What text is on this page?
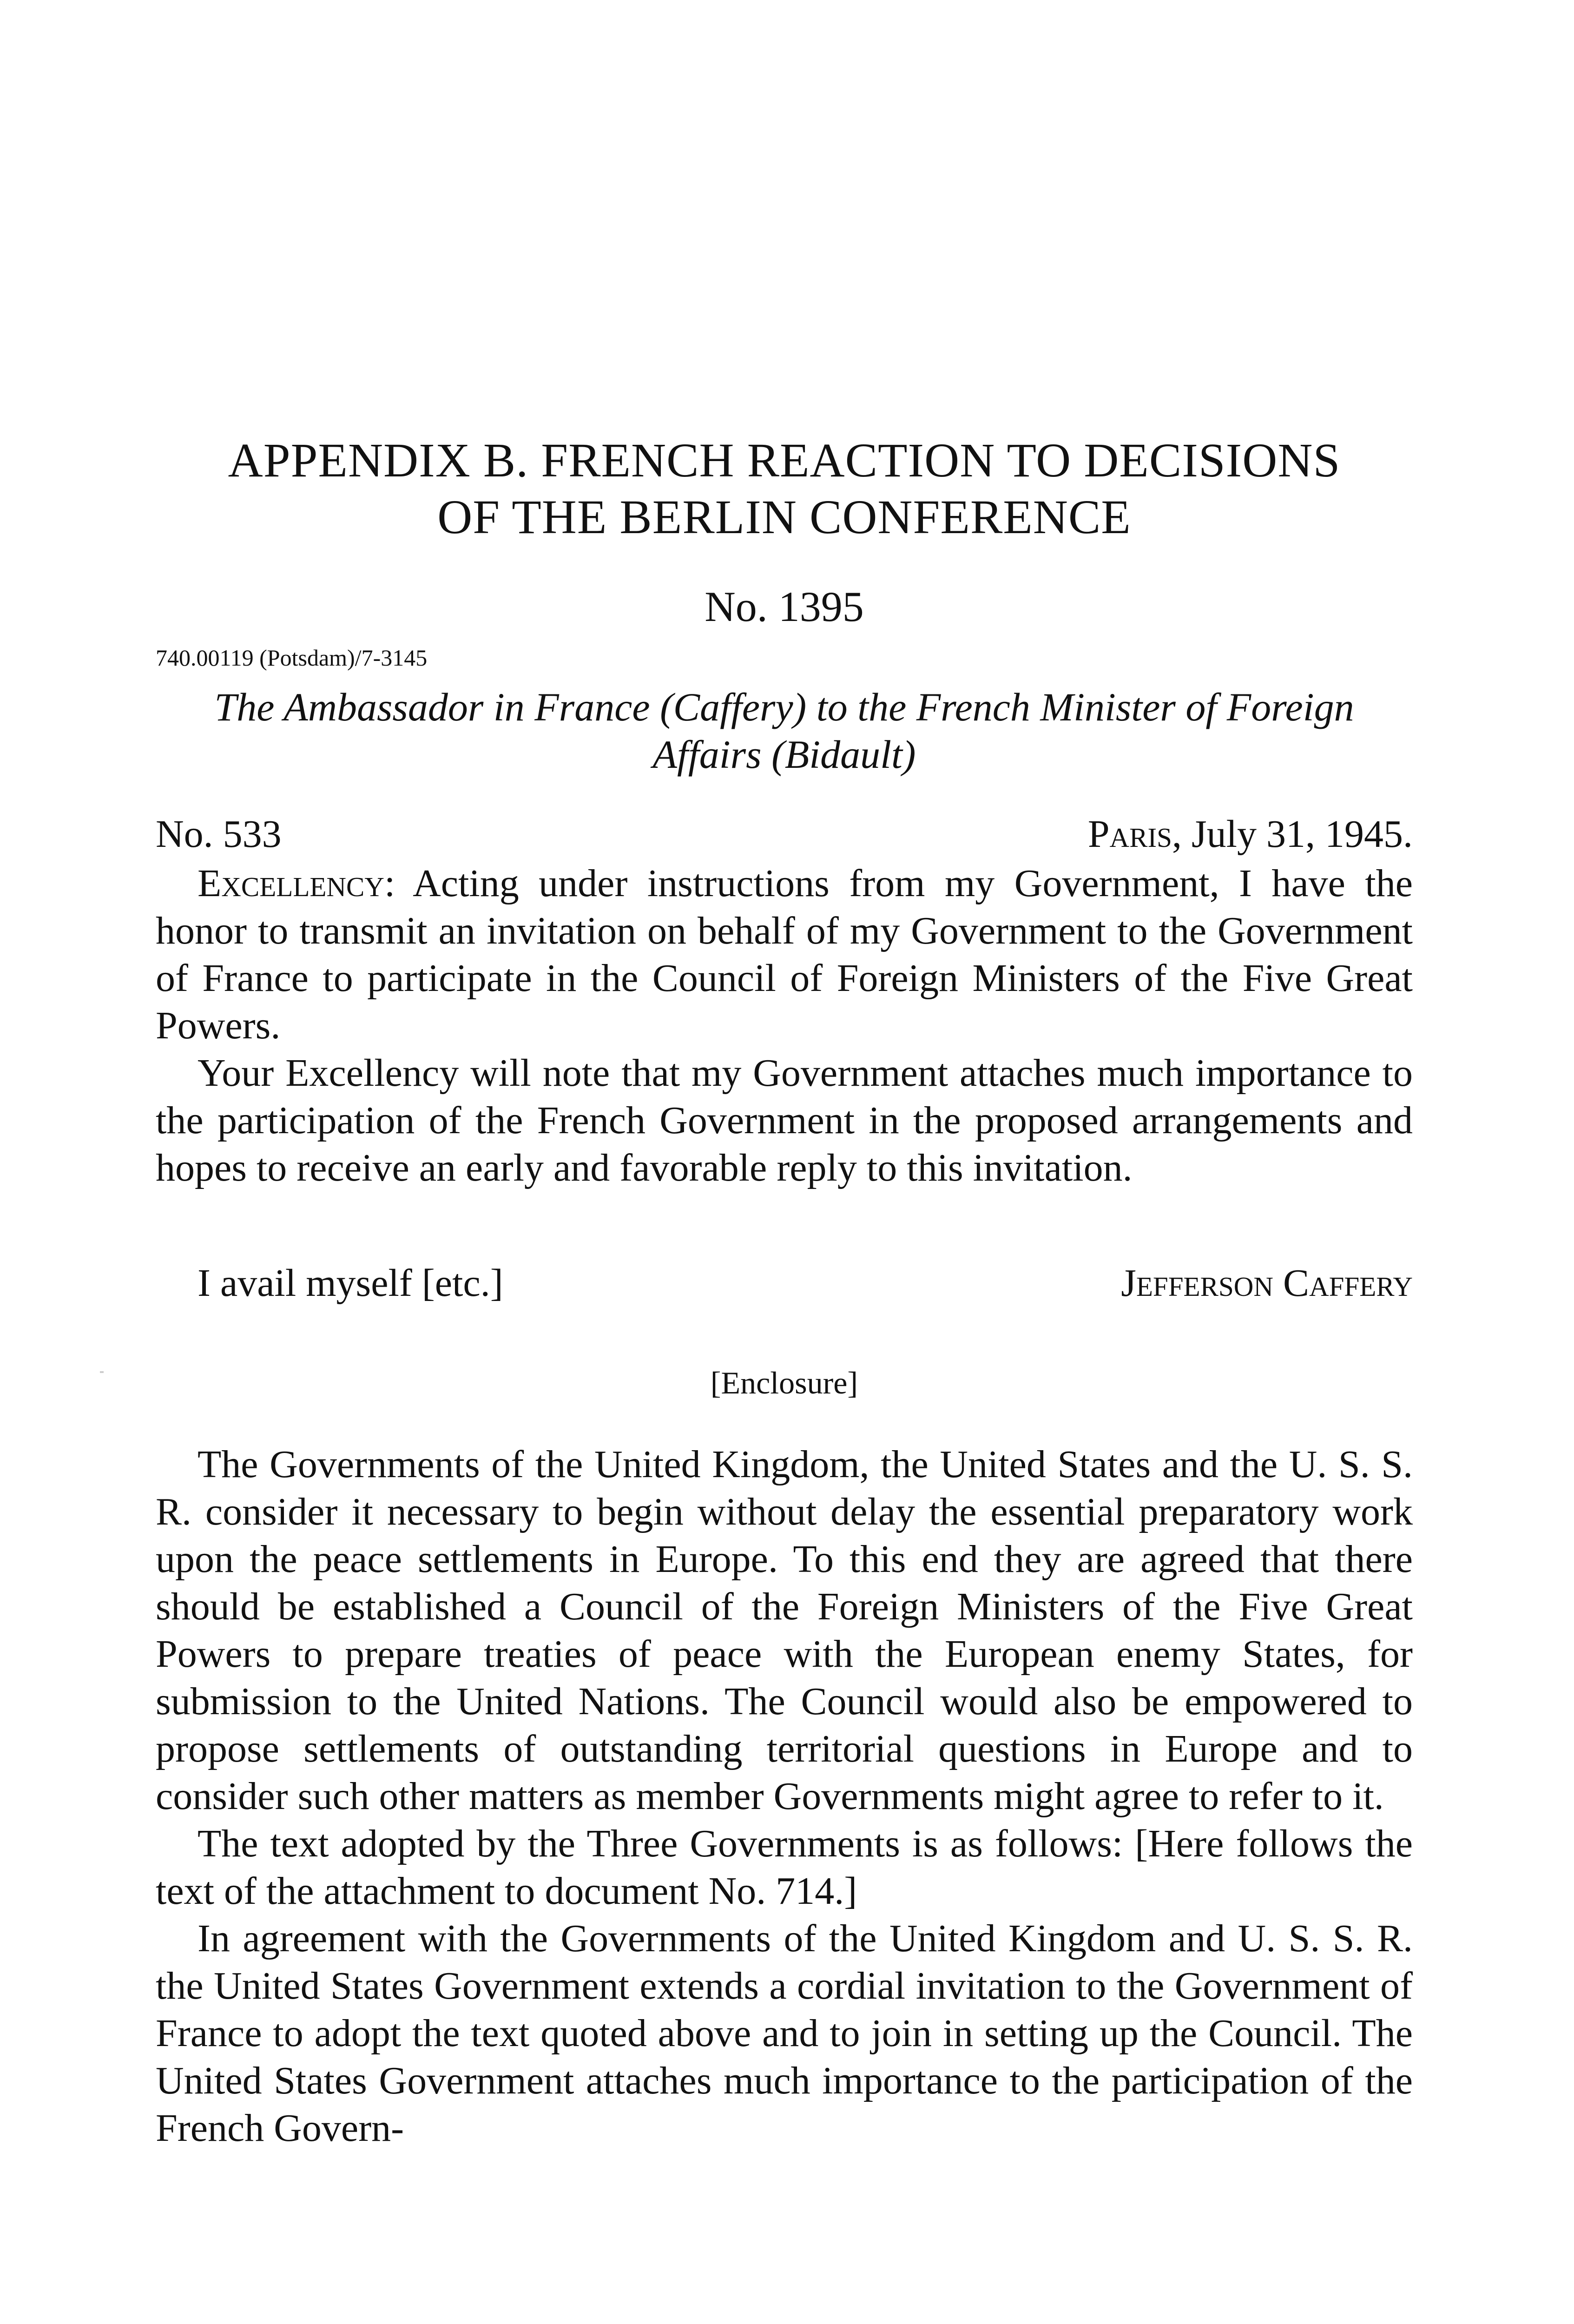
APPENDIX B. FRENCH REACTION TO DECISIONS
OF THE BERLIN CONFERENCE
No. 1395
740.00119 (Potsdam)/7-3145
The Ambassador in France (Caffery) to the French Minister of Foreign
Affairs (Bidault)
No. 533	Paris, July 31, 1945.

Excellency: Acting under instructions from my Government, I have the honor to transmit an invitation on behalf of my Government to the Government of France to participate in the Council of Foreign Ministers of the Five Great Powers.

Your Excellency will note that my Government attaches much importance to the participation of the French Government in the proposed arrangements and hopes to receive an early and favorable reply to this invitation.

I avail myself [etc.]	Jefferson Caffery
[Enclosure]

The Governments of the United Kingdom, the United States and the U. S. S. R. consider it necessary to begin without delay the essential preparatory work upon the peace settlements in Europe. To this end they are agreed that there should be established a Council of the Foreign Ministers of the Five Great Powers to prepare treaties of peace with the European enemy States, for submission to the United Nations. The Council would also be empowered to propose settlements of outstanding territorial questions in Europe and to consider such other matters as member Governments might agree to refer to it.

The text adopted by the Three Governments is as follows: [Here follows the text of the attachment to document No. 714.]

In agreement with the Governments of the United Kingdom and U. S. S. R. the United States Government extends a cordial invitation to the Government of France to adopt the text quoted above and to join in setting up the Council. The United States Government attaches much importance to the participation of the French Govern-
